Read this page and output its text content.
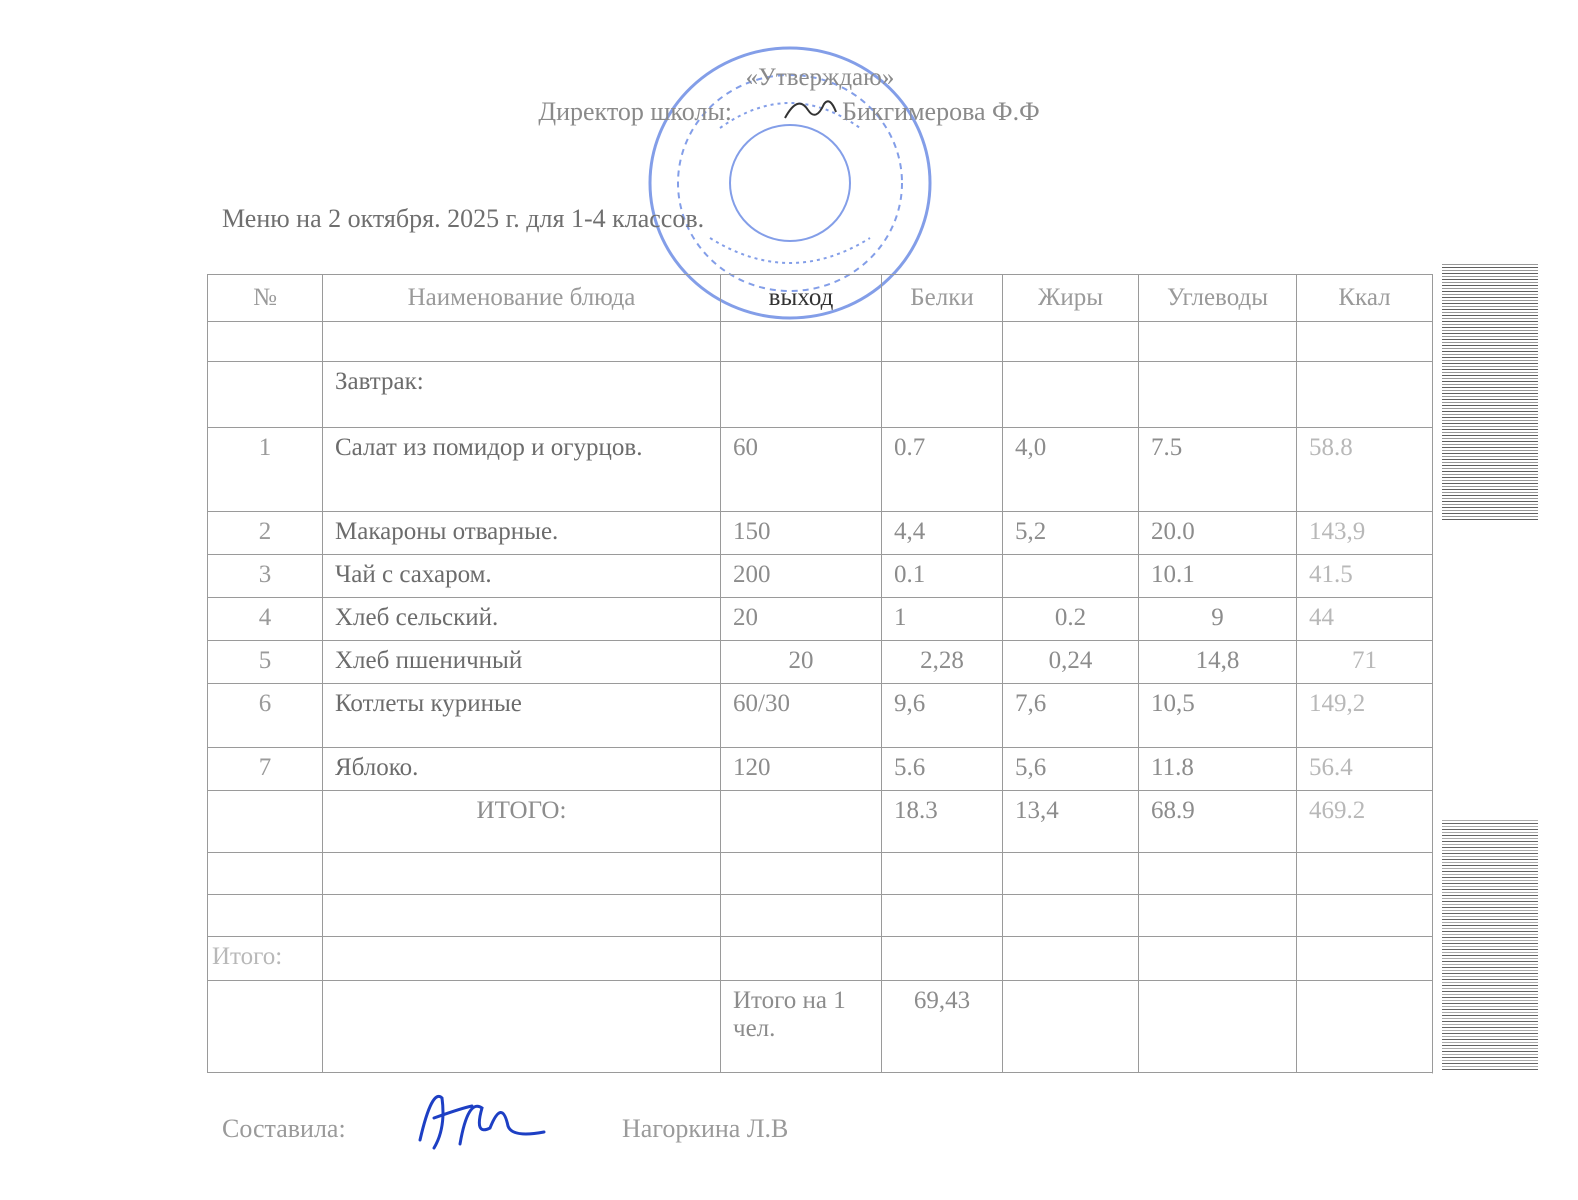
«Утверждаю»
Директор школы:	Бикгимерова Ф.Ф
Меню на 2 октября. 2025 г. для 1-4 классов.
№	Наименование блюда	выход	Белки	Жиры	Углеводы	Ккал

	Завтрак:					
1	Салат из помидор и огурцов.	60	0.7	4,0	7.5	58.8
2	Макароны отварные.	150	4,4	5,2	20.0	143,9
3	Чай с сахаром.	200	0.1		10.1	41.5
4	Хлеб сельский.	20	1	0.2	9	44
5	Хлеб пшеничный	20	2,28	0,24	14,8	71
6	Котлеты куриные	60/30	9,6	7,6	10,5	149,2
7	Яблоко.	120	5.6	5,6	11.8	56.4
	ИТОГО:		18.3	13,4	68.9	469.2

Итого:						
		Итого на 1 чел.	69,43			
Составила:	Нагоркина Л.В
